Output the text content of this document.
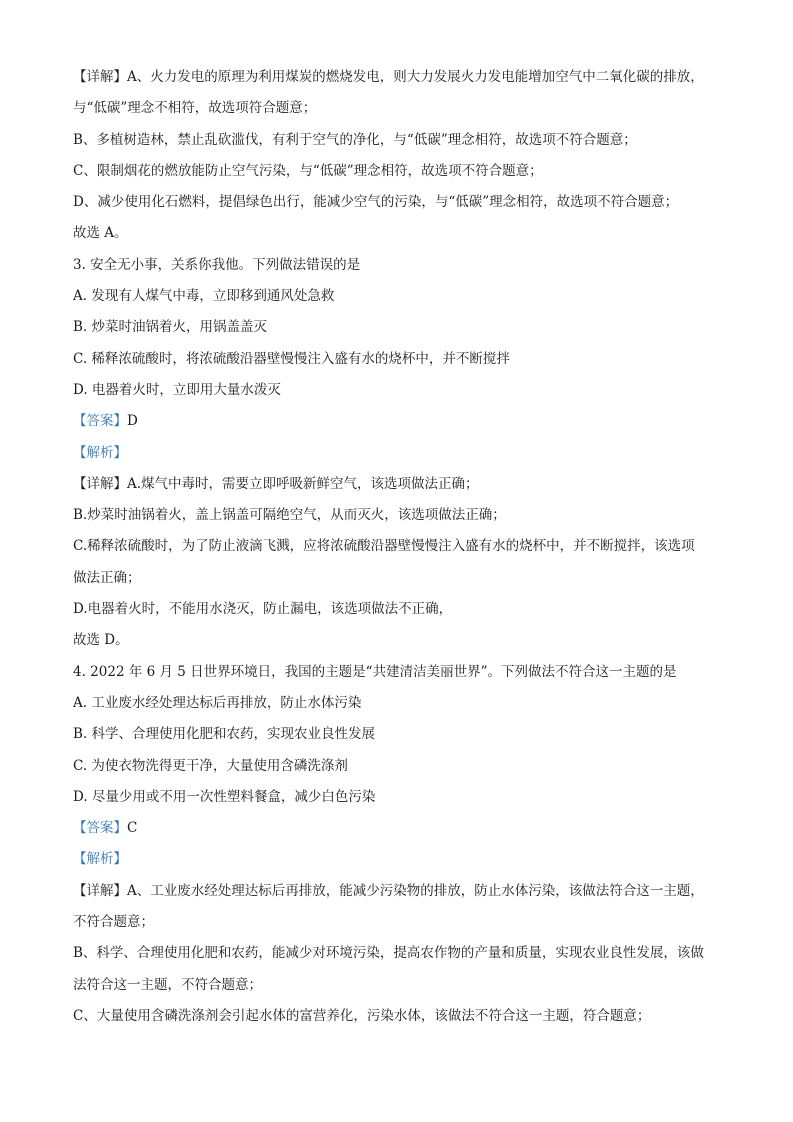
【详解】A、火力发电的原理为利用煤炭的燃烧发电，则大力发展火力发电能增加空气中二氧化碳的排放，
与“低碳”理念不相符，故选项符合题意；
B、多植树造林，禁止乱砍滥伐，有利于空气的净化，与“低碳”理念相符，故选项不符合题意；
C、限制烟花的燃放能防止空气污染，与“低碳”理念相符，故选项不符合题意；
D、减少使用化石燃料，提倡绿色出行，能减少空气的污染，与“低碳”理念相符，故选项不符合题意；
故选 A。
3. 安全无小事，关系你我他。下列做法错误的是
A. 发现有人煤气中毒，立即移到通风处急救
B. 炒菜时油锅着火，用锅盖盖灭
C. 稀释浓硫酸时，将浓硫酸沿器壁慢慢注入盛有水的烧杯中，并不断搅拌
D. 电器着火时，立即用大量水泼灭
【答案】D
【解析】
【详解】A.煤气中毒时，需要立即呼吸新鲜空气，该选项做法正确；
B.炒菜时油锅着火，盖上锅盖可隔绝空气，从而灭火，该选项做法正确；
C.稀释浓硫酸时，为了防止液滴飞溅，应将浓硫酸沿器壁慢慢注入盛有水的烧杯中，并不断搅拌，该选项
做法正确；
D.电器着火时，不能用水浇灭，防止漏电，该选项做法不正确，
故选 D。
4. 2022 年 6 月 5 日世界环境日，我国的主题是“共建清洁美丽世界”。下列做法不符合这一主题的是
A. 工业废水经处理达标后再排放，防止水体污染
B. 科学、合理使用化肥和农药，实现农业良性发展
C. 为使衣物洗得更干净，大量使用含磷洗涤剂
D. 尽量少用或不用一次性塑料餐盒，减少白色污染
【答案】C
【解析】
【详解】A、工业废水经处理达标后再排放，能减少污染物的排放，防止水体污染，该做法符合这一主题，
不符合题意；
B、科学、合理使用化肥和农药，能减少对环境污染，提高农作物的产量和质量，实现农业良性发展，该做
法符合这一主题，不符合题意；
C、大量使用含磷洗涤剂会引起水体的富营养化，污染水体，该做法不符合这一主题，符合题意；
